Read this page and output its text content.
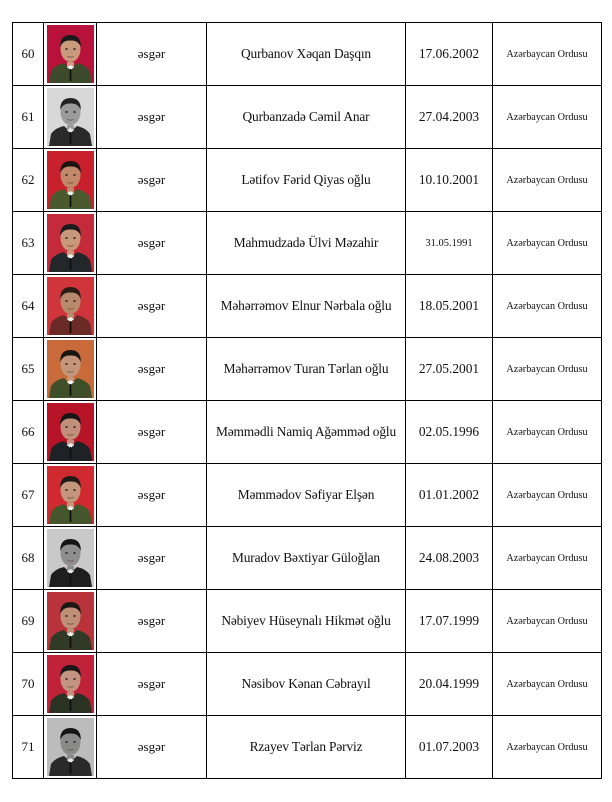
60		əsgər	Qurbanov Xəqan Daşqın	17.06.2002	Azərbaycan Ordusu
61		əsgər	Qurbanzadə Cəmil Anar	27.04.2003	Azərbaycan Ordusu
62		əsgər	Lətifov Fərid Qiyas oğlu	10.10.2001	Azərbaycan Ordusu
63		əsgər	Mahmudzadə Ülvi Məzahir	31.05.1991	Azərbaycan Ordusu
64		əsgər	Məhərrəmov Elnur Nərbala oğlu	18.05.2001	Azərbaycan Ordusu
65		əsgər	Məhərrəmov Turan Tərlan oğlu	27.05.2001	Azərbaycan Ordusu
66		əsgər	Məmmədli Namiq Ağəmməd oğlu	02.05.1996	Azərbaycan Ordusu
67		əsgər	Məmmədov Səfiyar Elşən	01.01.2002	Azərbaycan Ordusu
68		əsgər	Muradov Bəxtiyar Güloğlan	24.08.2003	Azərbaycan Ordusu
69		əsgər	Nəbiyev Hüseynalı Hikmət oğlu	17.07.1999	Azərbaycan Ordusu
70		əsgər	Nəsibov Kənan Cəbrayıl	20.04.1999	Azərbaycan Ordusu
71		əsgər	Rzayev Tərlan Pərviz	01.07.2003	Azərbaycan Ordusu
